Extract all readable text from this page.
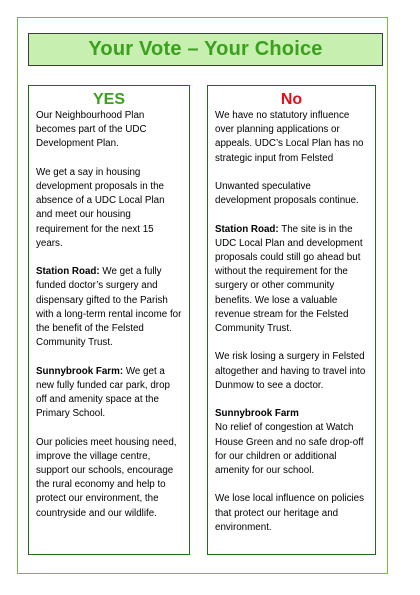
Your Vote – Your Choice
YES

Our Neighbourhood Plan becomes part of the UDC Development Plan.

We get a say in housing development proposals in the absence of a UDC Local Plan and meet our housing requirement for the next 15 years.

Station Road: We get a fully funded doctor’s surgery and dispensary gifted to the Parish with a long-term rental income for the benefit of the Felsted Community Trust.

Sunnybrook Farm: We get a new fully funded car park, drop off and amenity space at the Primary School.

Our policies meet housing need, improve the village centre, support our schools, encourage the rural economy and help to protect our environment, the countryside and our wildlife.

No

We have no statutory influence over planning applications or appeals. UDC’s Local Plan has no strategic input from Felsted

Unwanted speculative development proposals continue.

Station Road: The site is in the UDC Local Plan and development proposals could still go ahead but without the requirement for the surgery or other community benefits. We lose a valuable revenue stream for the Felsted Community Trust.

We risk losing a surgery in Felsted altogether and having to travel into Dunmow to see a doctor.

Sunnybrook Farm
No relief of congestion at Watch House Green and no safe drop-off for our children or additional amenity for our school.

We lose local influence on policies that protect our heritage and environment.
